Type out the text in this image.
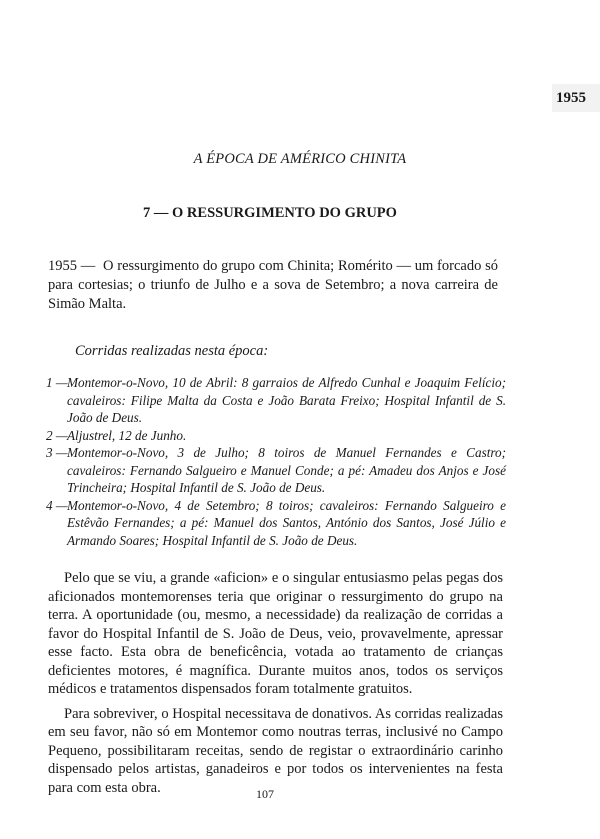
1955
A ÉPOCA DE AMÉRICO CHINITA
7 — O RESSURGIMENTO DO GRUPO
1955 — O ressurgimento do grupo com Chinita; Romérito — um forcado só para cortesias; o triunfo de Julho e a sova de Setembro; a nova carreira de Simão Malta.
Corridas realizadas nesta época:
1 — Montemor-o-Novo, 10 de Abril: 8 garraios de Alfredo Cunhal e Joaquim Felício; cavaleiros: Filipe Malta da Costa e João Barata Freixo; Hospital Infantil de S. João de Deus.
2 — Aljustrel, 12 de Junho.
3 — Montemor-o-Novo, 3 de Julho; 8 toiros de Manuel Fernandes e Castro; cavaleiros: Fernando Salgueiro e Manuel Conde; a pé: Amadeu dos Anjos e José Trincheira; Hospital Infantil de S. João de Deus.
4 — Montemor-o-Novo, 4 de Setembro; 8 toiros; cavaleiros: Fernando Salgueiro e Estêvão Fernandes; a pé: Manuel dos Santos, António dos Santos, José Júlio e Armando Soares; Hospital Infantil de S. João de Deus.

Pelo que se viu, a grande «aficion» e o singular entusiasmo pelas pegas dos aficionados montemorenses teria que originar o ressurgimento do grupo na terra. A oportunidade (ou, mesmo, a necessidade) da realização de corridas a favor do Hospital Infantil de S. João de Deus, veio, provavelmente, apressar esse facto. Esta obra de beneficência, votada ao tratamento de crianças deficientes motores, é magnífica. Durante muitos anos, todos os serviços médicos e tratamentos dispensados foram totalmente gratuitos.

Para sobreviver, o Hospital necessitava de donativos. As corridas realizadas em seu favor, não só em Montemor como noutras terras, inclusivé no Campo Pequeno, possibilitaram receitas, sendo de registar o extraordinário carinho dispensado pelos artistas, ganadeiros e por todos os intervenientes na festa para com esta obra.	107
